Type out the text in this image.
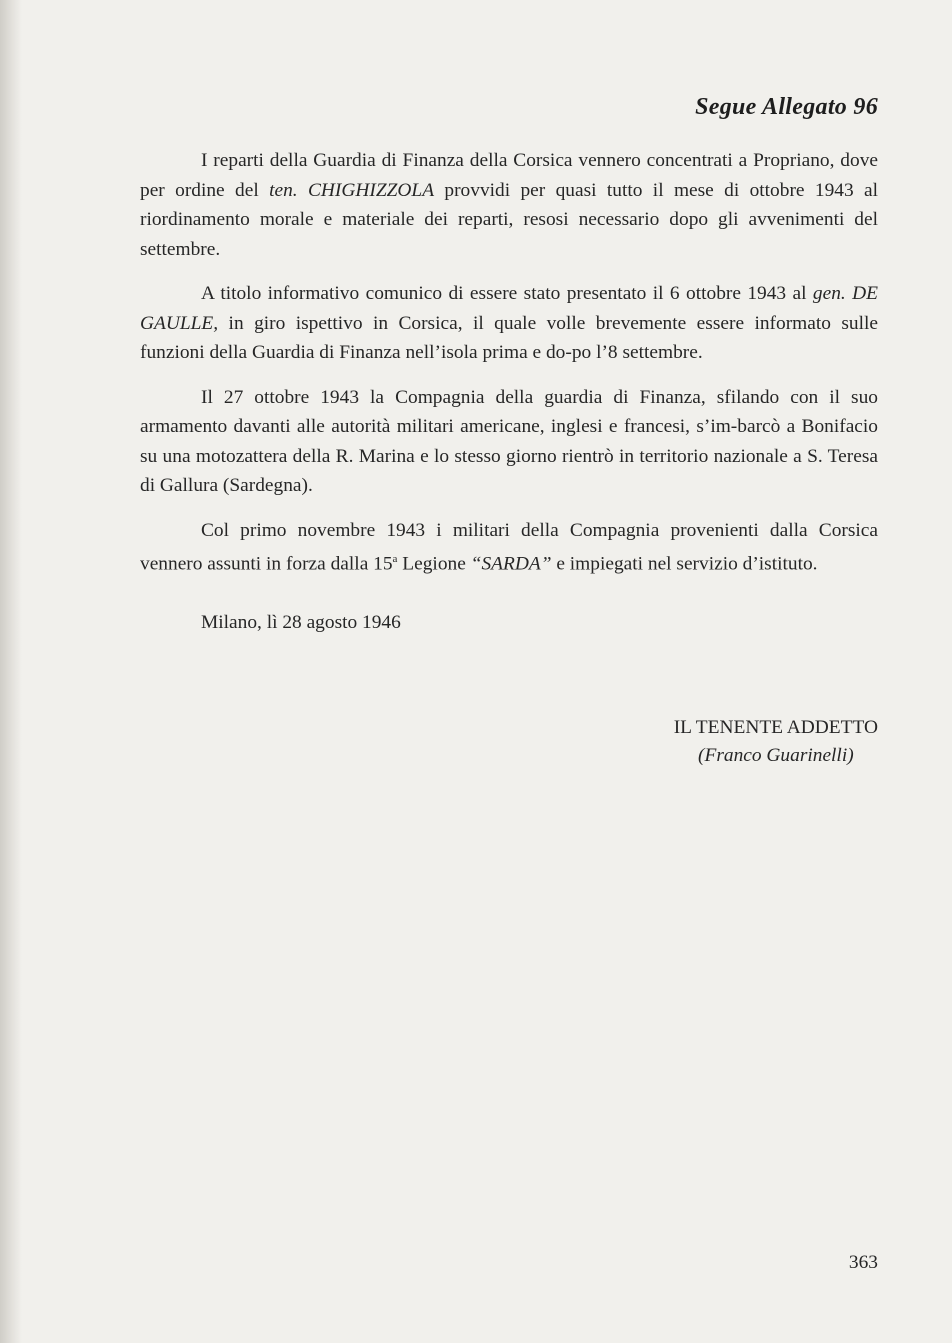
Segue Allegato 96

I reparti della Guardia di Finanza della Corsica vennero concentrati a Propriano, dove per ordine del ten. CHIGHIZZOLA provvidi per quasi tutto il mese di ottobre 1943 al riordinamento morale e materiale dei reparti, resosi necessario dopo gli avvenimenti del settembre.

A titolo informativo comunico di essere stato presentato il 6 ottobre 1943 al gen. DE GAULLE, in giro ispettivo in Corsica, il quale volle brevemente essere informato sulle funzioni della Guardia di Finanza nell’isola prima e do-po l’8 settembre.

Il 27 ottobre 1943 la Compagnia della guardia di Finanza, sfilando con il suo armamento davanti alle autorità militari americane, inglesi e francesi, s’im-barcò a Bonifacio su una motozattera della R. Marina e lo stesso giorno rientrò in territorio nazionale a S. Teresa di Gallura (Sardegna).

Col primo novembre 1943 i militari della Compagnia provenienti dalla Corsica vennero assunti in forza dalla 15$^a$ Legione “SARDA” e impiegati nel servizio d’istituto.

Milano, lì 28 agosto 1946
IL TENENTE ADDETTO
(Franco Guarinelli)
363
